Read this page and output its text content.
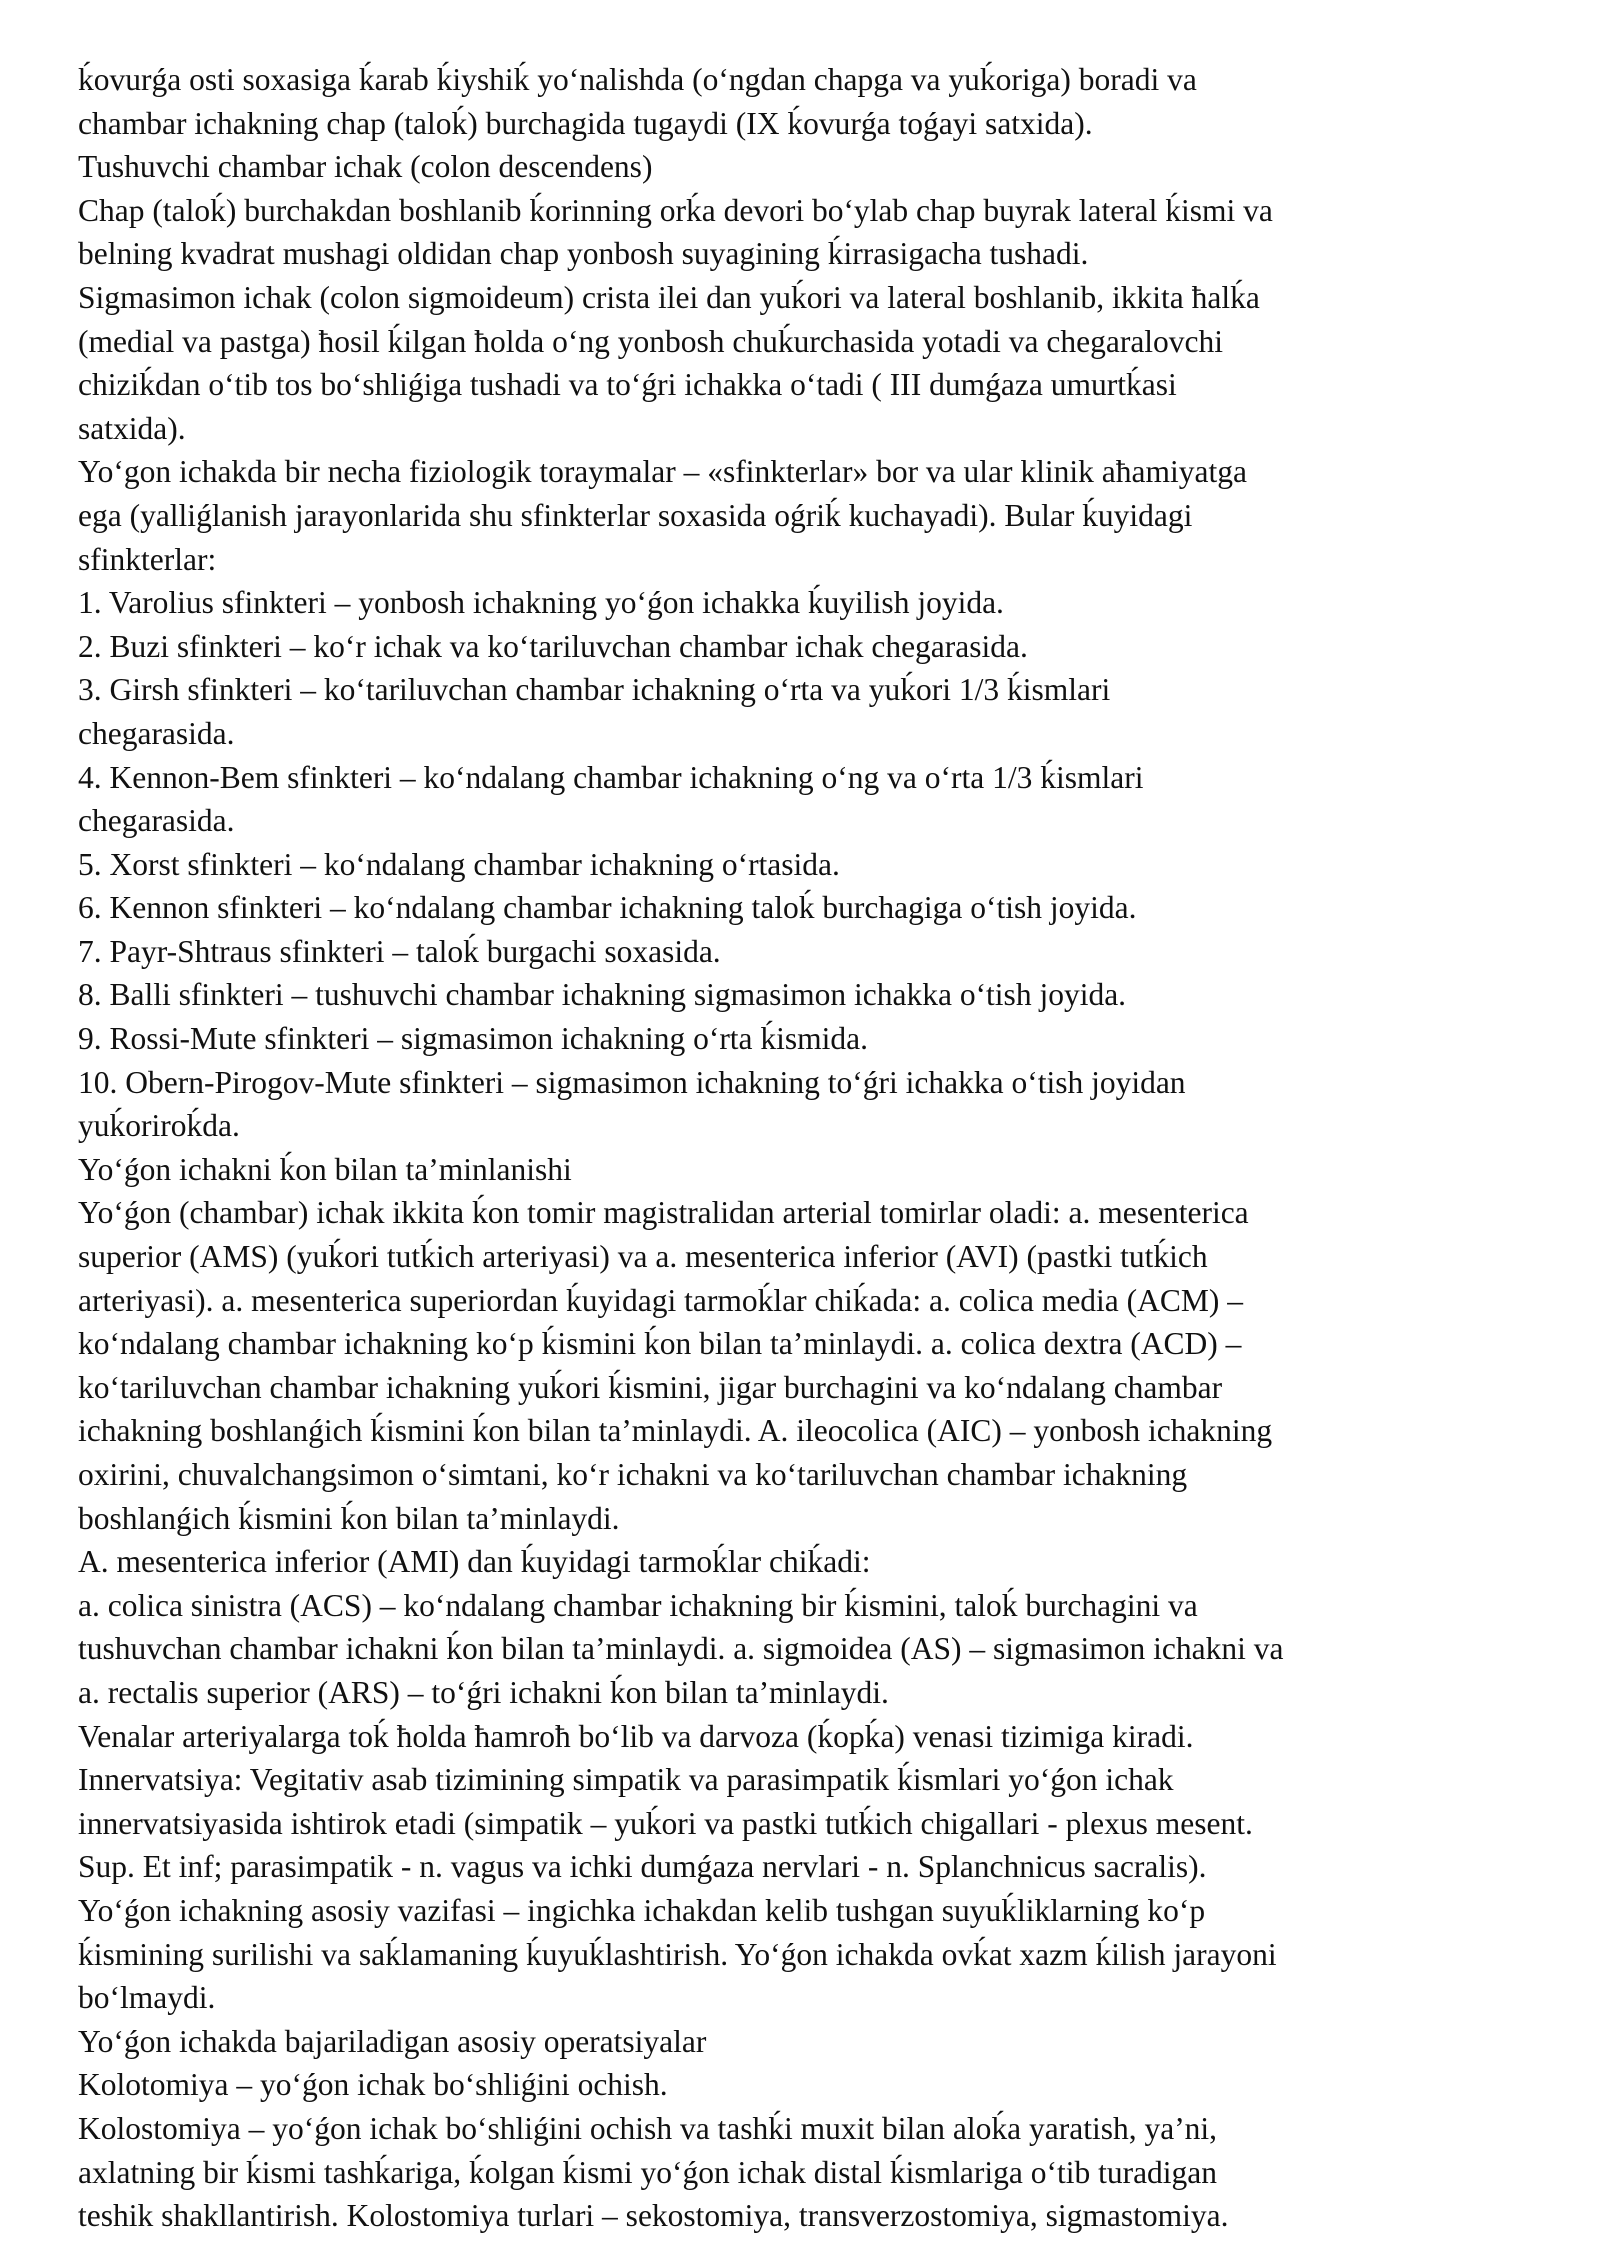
ḱovurǵa osti soxasiga ḱarab ḱiyshiḱ yo‘nalishda (o‘ngdan chapga va yuḱoriga) boradi va
chambar ichakning chap (taloḱ) burchagida tugaydi (IX ḱovurǵa toǵayi satxida).
Tushuvchi chambar ichak (colon descendens)
Chap (taloḱ) burchakdan boshlanib ḱorinning orḱa devori bo‘ylab chap buyrak lateral ḱismi va
belning kvadrat mushagi oldidan chap yonbosh suyagining ḱirrasigacha tushadi.
Sigmasimon ichak (colon sigmoideum) crista ilei dan yuḱori va lateral boshlanib, ikkita ħalḱa
(medial va pastga) ħosil ḱilgan ħolda o‘ng yonbosh chuḱurchasida yotadi va chegaralovchi
chiziḱdan o‘tib tos bo‘shliǵiga tushadi va to‘ǵri ichakka o‘tadi ( III dumǵaza umurtḱasi
satxida).
Yo‘gon ichakda bir necha fiziologik toraymalar – «sfinkterlar» bor va ular klinik aħamiyatga
ega (yalliǵlanish jarayonlarida shu sfinkterlar soxasida oǵriḱ kuchayadi). Bular ḱuyidagi
sfinkterlar:
1. Varolius sfinkteri – yonbosh ichakning yo‘ǵon ichakka ḱuyilish joyida.
2. Buzi sfinkteri – ko‘r ichak va ko‘tariluvchan chambar ichak chegarasida.
3. Girsh sfinkteri – ko‘tariluvchan chambar ichakning o‘rta va yuḱori 1/3 ḱismlari
chegarasida.
4. Kennon-Bem sfinkteri – ko‘ndalang chambar ichakning o‘ng va o‘rta 1/3 ḱismlari
chegarasida.
5. Xorst sfinkteri – ko‘ndalang chambar ichakning o‘rtasida.
6. Kennon sfinkteri – ko‘ndalang chambar ichakning taloḱ burchagiga o‘tish joyida.
7. Payr-Shtraus sfinkteri – taloḱ burgachi soxasida.
8. Balli sfinkteri – tushuvchi chambar ichakning sigmasimon ichakka o‘tish joyida.
9. Rossi-Mute sfinkteri – sigmasimon ichakning o‘rta ḱismida.
10. Obern-Pirogov-Mute sfinkteri – sigmasimon ichakning to‘ǵri ichakka o‘tish joyidan
yuḱoriroḱda.
Yo‘ǵon ichakni ḱon bilan ta’minlanishi
Yo‘ǵon (chambar) ichak ikkita ḱon tomir magistralidan arterial tomirlar oladi: a. mesenterica
superior (AMS) (yuḱori tutḱich arteriyasi) va a. mesenterica inferior (AVI) (pastki tutḱich
arteriyasi). a. mesenterica superiordan ḱuyidagi tarmoḱlar chiḱada: a. colica media (ACM) –
ko‘ndalang chambar ichakning ko‘p ḱismini ḱon bilan ta’minlaydi. a. colica dextra (ACD) –
ko‘tariluvchan chambar ichakning yuḱori ḱismini, jigar burchagini va ko‘ndalang chambar
ichakning boshlanǵich ḱismini ḱon bilan ta’minlaydi. A. ileocolica (AIC) – yonbosh ichakning
oxirini, chuvalchangsimon o‘simtani, ko‘r ichakni va ko‘tariluvchan chambar ichakning
boshlanǵich ḱismini ḱon bilan ta’minlaydi.
A. mesenterica inferior (AMI) dan ḱuyidagi tarmoḱlar chiḱadi:
a. colica sinistra (ACS) – ko‘ndalang chambar ichakning bir ḱismini, taloḱ burchagini va
tushuvchan chambar ichakni ḱon bilan ta’minlaydi. a. sigmoidea (AS) – sigmasimon ichakni va
a. rectalis superior (ARS) – to‘ǵri ichakni ḱon bilan ta’minlaydi.
Venalar arteriyalarga toḱ ħolda ħamroħ bo‘lib va darvoza (ḱopḱa) venasi tizimiga kiradi.
Innervatsiya: Vegitativ asab tizimining simpatik va parasimpatik ḱismlari yo‘ǵon ichak
innervatsiyasida ishtirok etadi (simpatik – yuḱori va pastki tutḱich chigallari - plexus mesent.
Sup. Et inf; parasimpatik - n. vagus va ichki dumǵaza nervlari - n. Splanchnicus sacralis).
Yo‘ǵon ichakning asosiy vazifasi – ingichka ichakdan kelib tushgan suyuḱliklarning ko‘p
ḱismining surilishi va saḱlamaning ḱuyuḱlashtirish. Yo‘ǵon ichakda ovḱat xazm ḱilish jarayoni
bo‘lmaydi.
Yo‘ǵon ichakda bajariladigan asosiy operatsiyalar
Kolotomiya – yo‘ǵon ichak bo‘shliǵini ochish.
Kolostomiya – yo‘ǵon ichak bo‘shliǵini ochish va tashḱi muxit bilan aloḱa yaratish, ya’ni,
axlatning bir ḱismi tashḱariga, ḱolgan ḱismi yo‘ǵon ichak distal ḱismlariga o‘tib turadigan
teshik shakllantirish. Kolostomiya turlari – sekostomiya, transverzostomiya, sigmastomiya.
